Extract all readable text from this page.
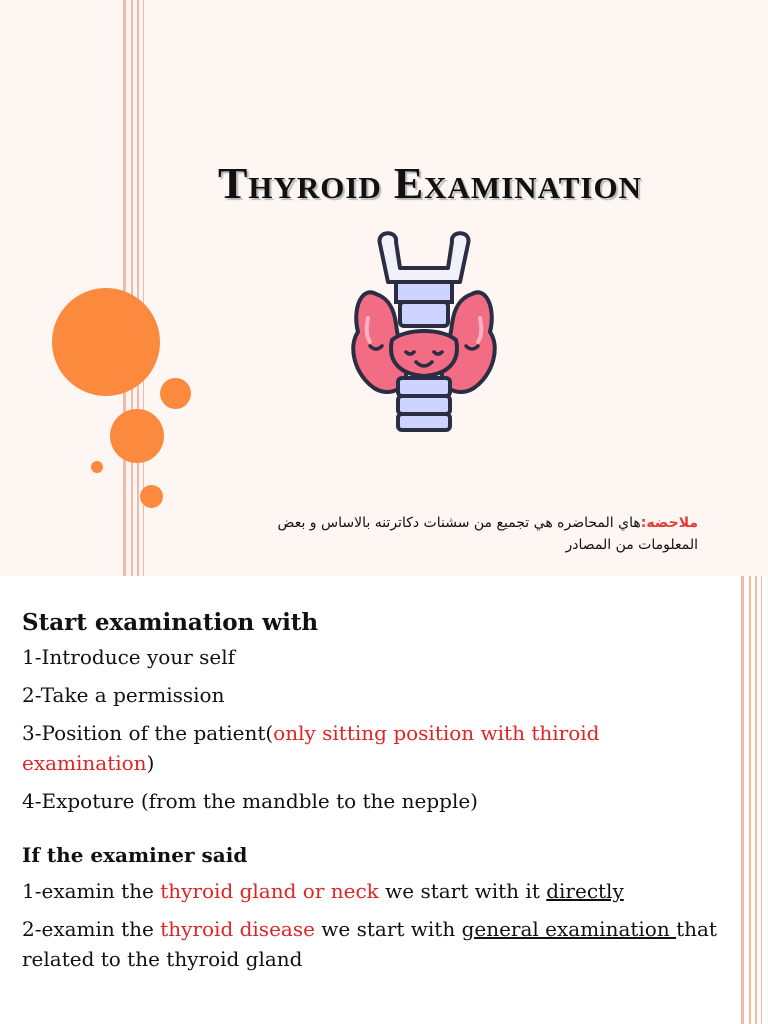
Thyroid Examination
ملاحضه:هاي المحاضره هي تجميع من سشنات دكاترتنه بالاساس و بعض المعلومات من المصادر

Start examination with

1-Introduce your self

2-Take a permission

3-Position of the patient(only sitting position with thiroid examination)

4-Expoture (from the mandble to the nepple)

If the examiner said

1-examin the thyroid gland or neck we start with it directly

2-examin the thyroid disease we start with general examination that related to the thyroid gland
